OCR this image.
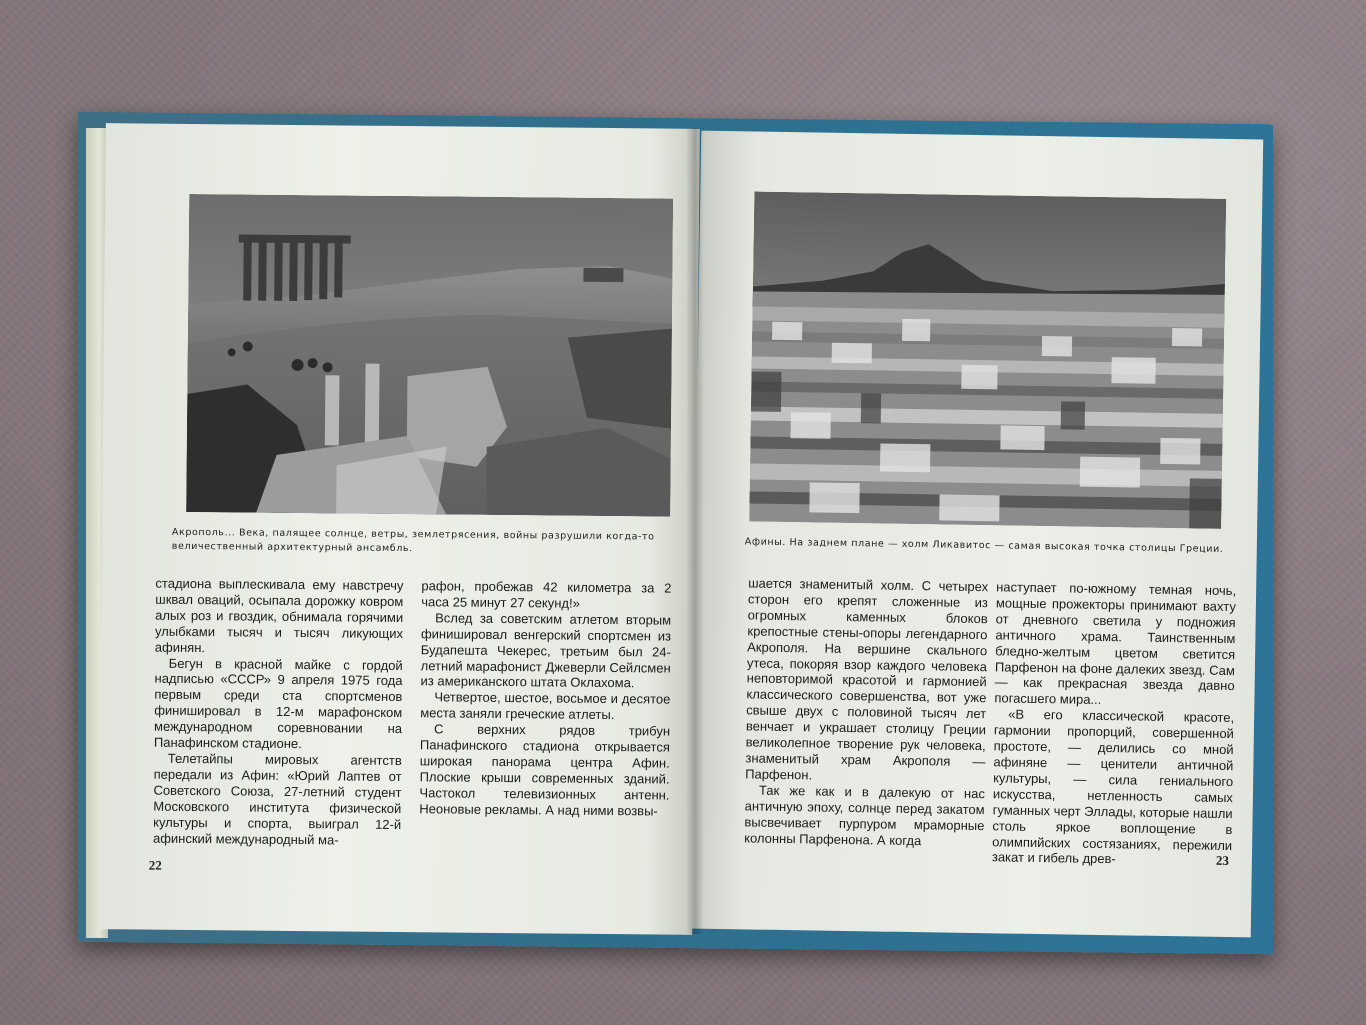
Акрополь... Века, палящее солнце, ветры, землетрясения, войны разрушили когда-то величественный архитектурный ансамбль.

стадиона выплескивала ему навстречу шквал оваций, осыпала дорожку ковром алых роз и гвоздик, обнимала горячими улыбками тысяч и тысяч ликующих афинян.

Бегун в красной майке с гордой надписью «СССР» 9 апреля 1975 года первым среди ста спортсменов финишировал в 12-м марафонском международном соревновании на Панафинском стадионе.

Телетайпы мировых агентств передали из Афин: «Юрий Лаптев от Советского Союза, 27-летний студент Московского института физической культуры и спорта, выиграл 12-й афинский международный ма-

рафон, пробежав 42 километра за 2 часа 25 минут 27 секунд!»

Вслед за советским атлетом вторым финишировал венгерский спортсмен из Будапешта Чекерес, третьим был 24-летний марафонист Джеверли Сейлсмен из американского штата Оклахома.

Четвертое, шестое, восьмое и десятое места заняли греческие атлеты.

С верхних рядов трибун Панафинского стадиона открывается широкая панорама центра Афин. Плоские крыши современных зданий. Частокол телевизионных антенн. Неоновые рекламы. А над ними возвы-

22
Афины. На заднем плане — холм Ликавитос — самая высокая точка столицы Греции.

шается знаменитый холм. С четырех сторон его крепят сложенные из огромных каменных блоков крепостные стены-опоры легендарного Акрополя. На вершине скального утеса, покоряя взор каждого человека неповторимой красотой и гармонией классического совершенства, вот уже свыше двух с половиной тысяч лет венчает и украшает столицу Греции великолепное творение рук человека, знаменитый храм Акрополя — Парфенон.

Так же как и в далекую от нас античную эпоху, солнце перед закатом высвечивает пурпуром мраморные колонны Парфенона. А когда

наступает по-южному темная ночь, мощные прожекторы принимают вахту от дневного светила у подножия античного храма. Таинственным бледно-желтым цветом светится Парфенон на фоне далеких звезд. Сам — как прекрасная звезда давно погасшего мира...

«В его классической красоте, гармонии пропорций, совершенной простоте, — делились со мной афиняне — ценители античной культуры, — сила гениального искусства, нетленность самых гуманных черт Эллады, которые нашли столь яркое воплощение в олимпийских состязаниях, пережили закат и гибель древ-	23
